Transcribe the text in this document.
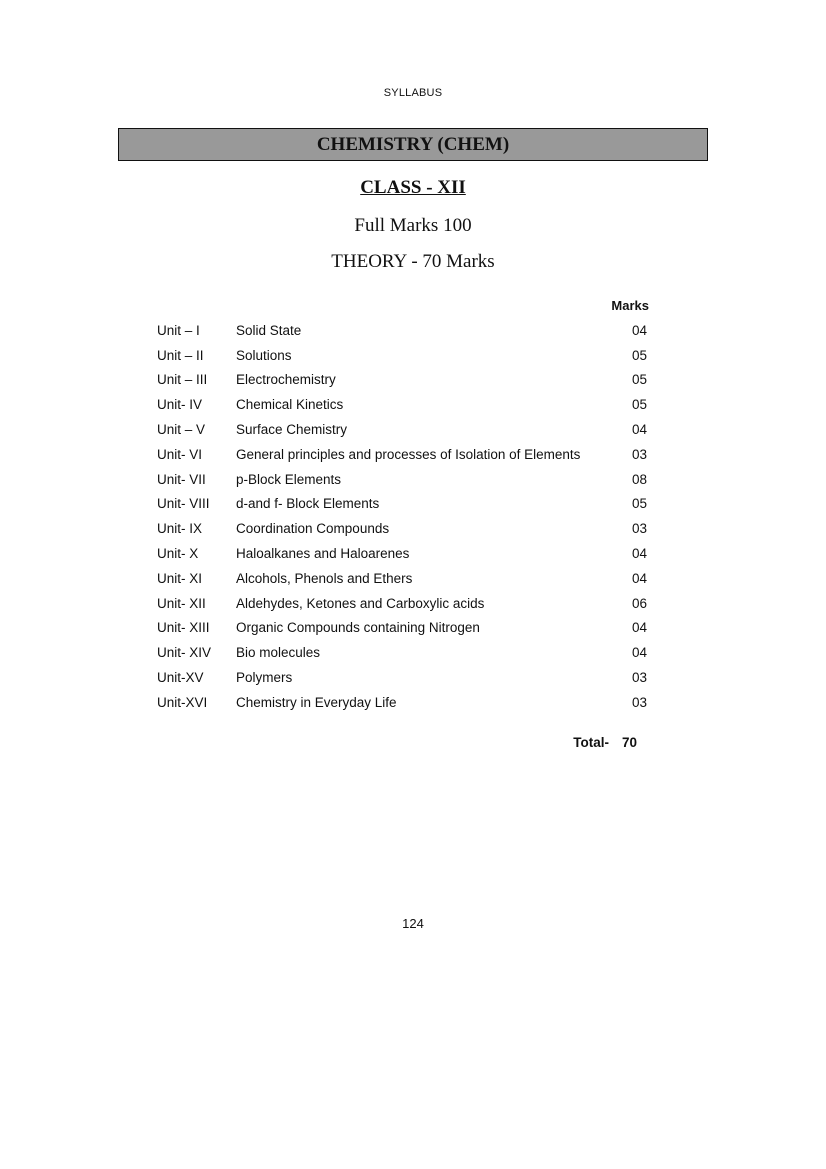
SYLLABUS
CHEMISTRY (CHEM)
CLASS - XII
Full Marks 100
THEORY - 70 Marks
Marks
Unit – I	Solid State	04
Unit – II	Solutions	05
Unit – III	Electrochemistry	05
Unit- IV	Chemical Kinetics	05
Unit – V	Surface Chemistry	04
Unit- VI	General principles and processes of Isolation of Elements	03
Unit- VII	p-Block Elements	08
Unit- VIII	d-and f- Block Elements	05
Unit- IX	Coordination Compounds	03
Unit- X	Haloalkanes and Haloarenes	04
Unit- XI	Alcohols, Phenols and Ethers	04
Unit- XII	Aldehydes, Ketones and Carboxylic acids	06
Unit- XIII	Organic Compounds containing Nitrogen	04
Unit- XIV	Bio molecules	04
Unit-XV	Polymers	03
Unit-XVI	Chemistry in Everyday Life	03
Total- 70
124
